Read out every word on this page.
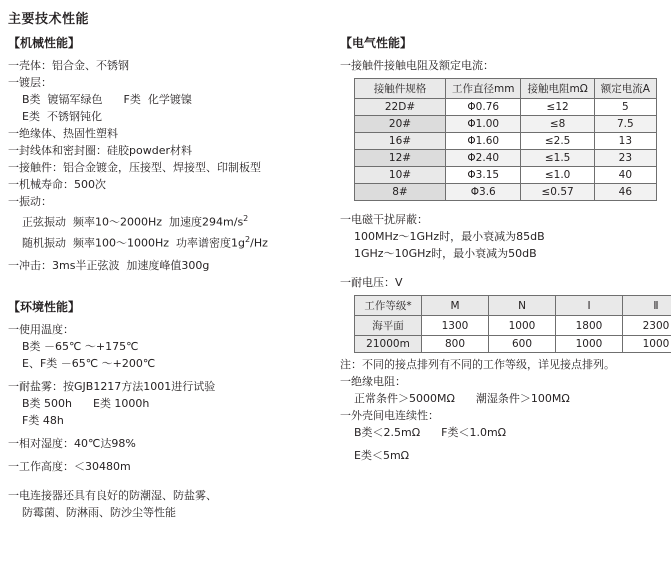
主要技术性能
【机械性能】
一壳体：铝合金、不锈钢
一镀层：
B类  镀镉军绿色      F类  化学镀镍
E类  不锈钢钝化
一绝缘体、热固性塑料
一封线体和密封圈：硅胶powder材料
一接触件：铝合金镀金，压接型、焊接型、印制板型
一机械寿命：500次
一振动：
正弦振动  频率10～2000Hz  加速度$294m/s^2$
随机振动  频率100～1000Hz  功率谱密度$1g^2/Hz$
一冲击：3ms半正弦波  加速度峰值300g
【环境性能】
一使用温度：
B类 －65℃ ～+175℃
E、F类 －65℃ ～+200℃
一耐盐雾：按GJB1217方法1001进行试验
B类 500h      E类 1000h
F类 48h
一相对湿度：40℃达98%
一工作高度：＜30480m
一电连接器还具有良好的防潮湿、防盐雾、
防霉菌、防淋雨、防沙尘等性能
【电气性能】
一接触件接触电阻及额定电流：
接触件规格	工作直径mm	接触电阻mΩ	额定电流A
22D#	Φ0.76	≤12	5
20#	Φ1.00	≤8	7.5
16#	Φ1.60	≤2.5	13
12#	Φ2.40	≤1.5	23
10#	Φ3.15	≤1.0	40
8#	Φ3.6	≤0.57	46
一电磁干扰屏蔽：
100MHz～1GHz时，最小衰减为85dB
1GHz～10GHz时，最小衰减为50dB
一耐电压：V
工作等级*	M	N	Ⅰ	Ⅱ
海平面	1300	1000	1800	2300
21000m	800	600	1000	1000
注：不同的接点排列有不同的工作等级，详见接点排列。
一绝缘电阻：
正常条件＞5000MΩ      潮湿条件＞100MΩ
一外壳间电连续性：
B类＜2.5mΩ      F类＜1.0mΩ
E类＜5mΩ
